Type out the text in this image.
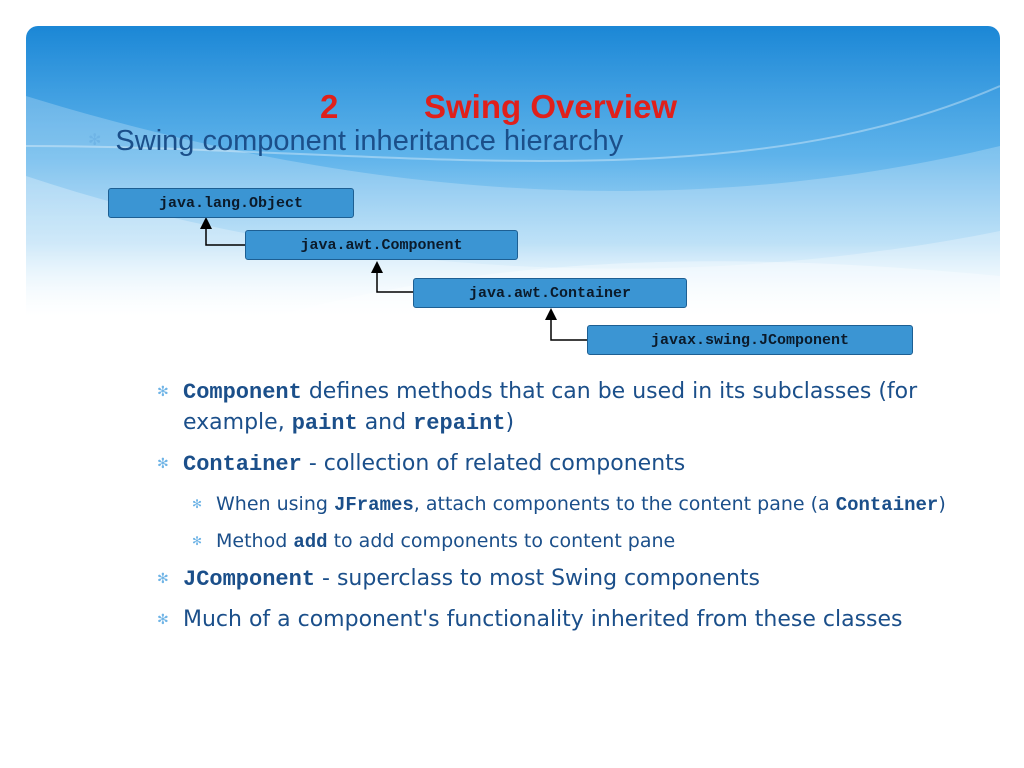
2	Swing Overview
✻ Swing component inheritance hierarchy
java.lang.Object
java.awt.Component
java.awt.Container
javax.swing.JComponent
✻ Component defines methods that can be used in its subclasses (for example, paint and repaint)
✻ Container - collection of related components
✻ When using JFrames, attach components to the content pane (a Container)
✻ Method add to add components to content pane
✻ JComponent - superclass to most Swing components
✻ Much of a component's functionality inherited from these classes
